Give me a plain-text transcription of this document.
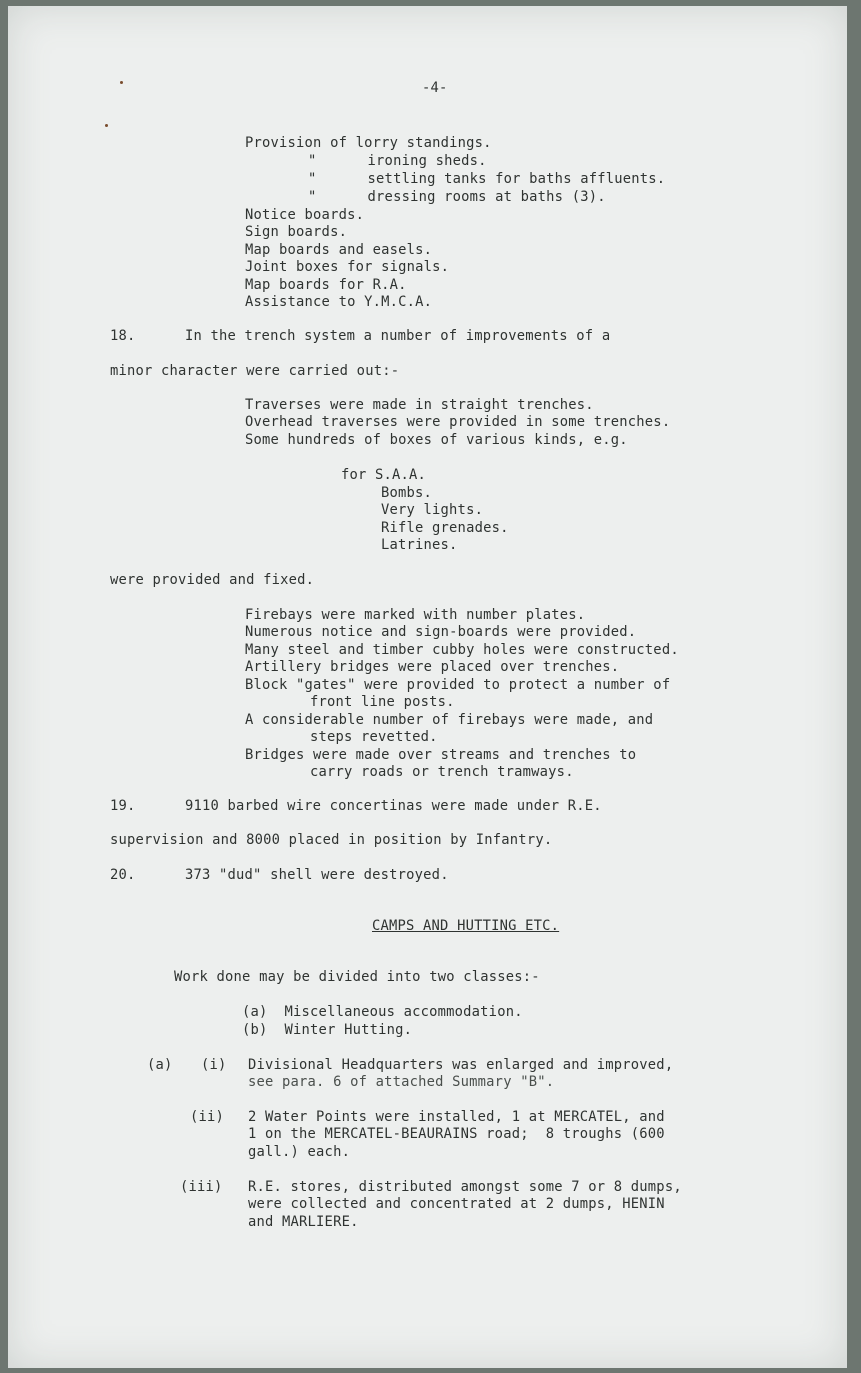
-4-
Provision of lorry standings.
"      ironing sheds.
"      settling tanks for baths affluents.
"      dressing rooms at baths (3).
Notice boards.
Sign boards.
Map boards and easels.
Joint boxes for signals.
Map boards for R.A.
Assistance to Y.M.C.A.
18.	In the trench system a number of improvements of a
minor character were carried out:-
Traverses were made in straight trenches.
Overhead traverses were provided in some trenches.
Some hundreds of boxes of various kinds, e.g.
for S.A.A.
Bombs.
Very lights.
Rifle grenades.
Latrines.
were provided and fixed.
Firebays were marked with number plates.
Numerous notice and sign-boards were provided.
Many steel and timber cubby holes were constructed.
Artillery bridges were placed over trenches.
Block "gates" were provided to protect a number of
front line posts.
A considerable number of firebays were made, and
steps revetted.
Bridges were made over streams and trenches to
carry roads or trench tramways.
19.	9110 barbed wire concertinas were made under R.E.
supervision and 8000 placed in position by Infantry.
20.	373 "dud" shell were destroyed.
CAMPS AND HUTTING ETC.
Work done may be divided into two classes:-
(a)  Miscellaneous accommodation.
(b)  Winter Hutting.
(a) (i) Divisional Headquarters was enlarged and improved,
see para. 6 of attached Summary "B".
(ii) 2 Water Points were installed, 1 at MERCATEL, and
1 on the MERCATEL-BEAURAINS road;  8 troughs (600
gall.) each.
(iii) R.E. stores, distributed amongst some 7 or 8 dumps,
were collected and concentrated at 2 dumps, HENIN
and MARLIERE.
